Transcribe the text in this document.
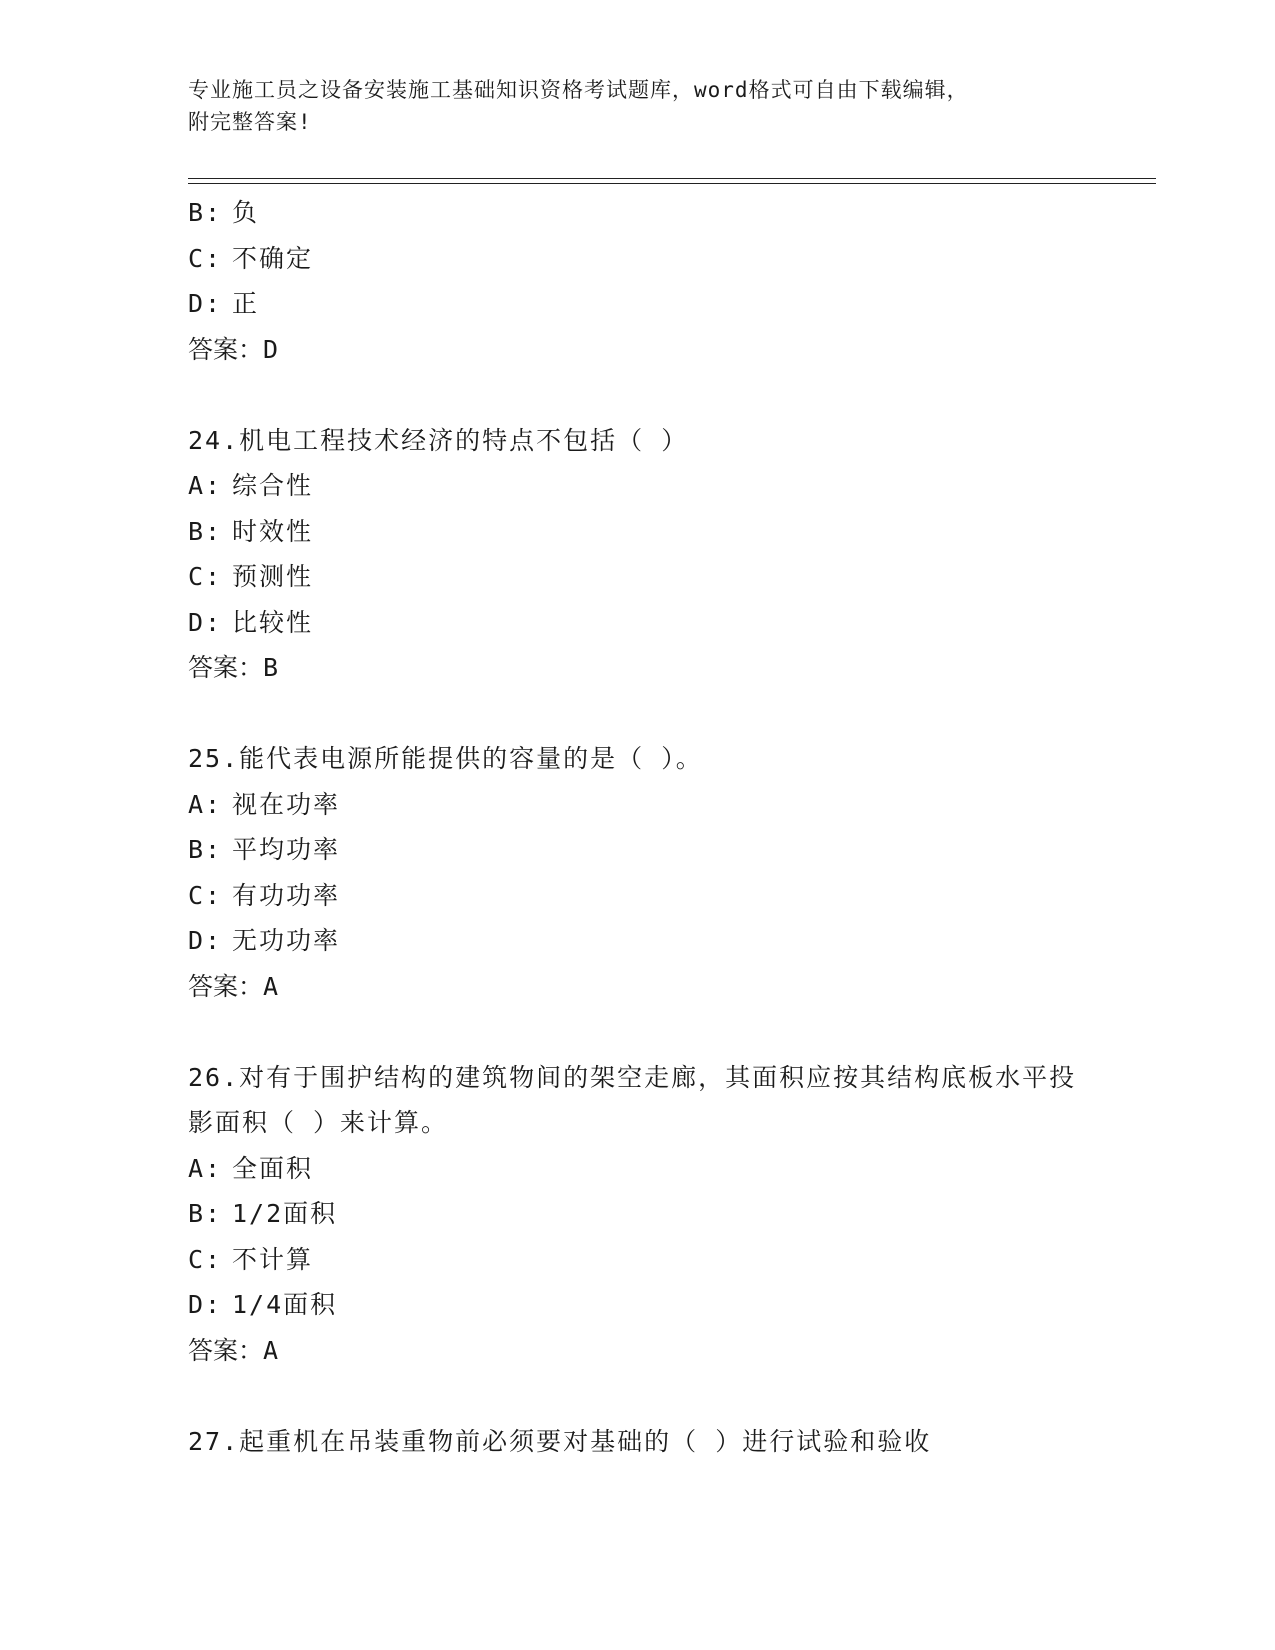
专业施工员之设备安装施工基础知识资格考试题库，word格式可自由下载编辑，
附完整答案!
B: 负
C: 不确定
D: 正
答案：D
24.机电工程技术经济的特点不包括（ ）
A: 综合性
B: 时效性
C: 预测性
D: 比较性
答案：B
25.能代表电源所能提供的容量的是（ ）。
A: 视在功率
B: 平均功率
C: 有功功率
D: 无功功率
答案：A
26.对有于围护结构的建筑物间的架空走廊，其面积应按其结构底板水平投影面积（ ）来计算。
A: 全面积
B: 1/2面积
C: 不计算
D: 1/4面积
答案：A
27.起重机在吊装重物前必须要对基础的（ ）进行试验和验收
